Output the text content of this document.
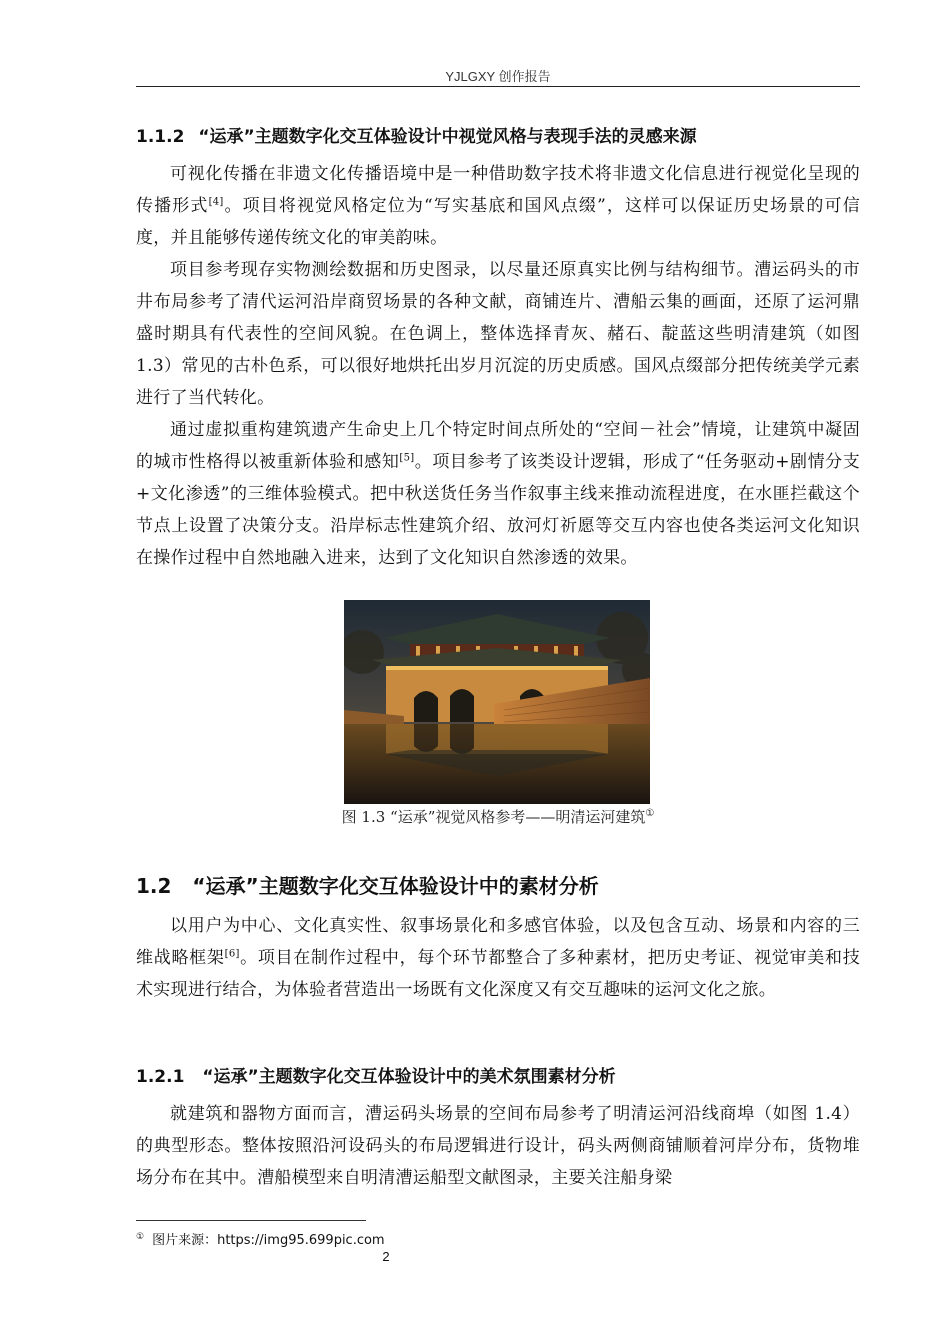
YJLGXY 创作报告
1.1.2 “运承”主题数字化交互体验设计中视觉风格与表现手法的灵感来源
可视化传播在非遗文化传播语境中是一种借助数字技术将非遗文化信息进行视觉化呈现的传播形式[4]。项目将视觉风格定位为“写实基底和国风点缀”，这样可以保证历史场景的可信度，并且能够传递传统文化的审美韵味。
项目参考现存实物测绘数据和历史图录，以尽量还原真实比例与结构细节。漕运码头的市井布局参考了清代运河沿岸商贸场景的各种文献，商铺连片、漕船云集的画面，还原了运河鼎盛时期具有代表性的空间风貌。在色调上，整体选择青灰、赭石、靛蓝这些明清建筑（如图 1.3）常见的古朴色系，可以很好地烘托出岁月沉淀的历史质感。国风点缀部分把传统美学元素进行了当代转化。
通过虚拟重构建筑遗产生命史上几个特定时间点所处的“空间－社会”情境，让建筑中凝固的城市性格得以被重新体验和感知[5]。项目参考了该类设计逻辑，形成了“任务驱动+剧情分支+文化渗透”的三维体验模式。把中秋送货任务当作叙事主线来推动流程进度，在水匪拦截这个节点上设置了决策分支。沿岸标志性建筑介绍、放河灯祈愿等交互内容也使各类运河文化知识在操作过程中自然地融入进来，达到了文化知识自然渗透的效果。
图 1.3 “运承”视觉风格参考——明清运河建筑①
1.2 “运承”主题数字化交互体验设计中的素材分析
以用户为中心、文化真实性、叙事场景化和多感官体验，以及包含互动、场景和内容的三维战略框架[6]。项目在制作过程中，每个环节都整合了多种素材，把历史考证、视觉审美和技术实现进行结合，为体验者营造出一场既有文化深度又有交互趣味的运河文化之旅。
1.2.1 “运承”主题数字化交互体验设计中的美术氛围素材分析
就建筑和器物方面而言，漕运码头场景的空间布局参考了明清运河沿线商埠（如图 1.4）的典型形态。整体按照沿河设码头的布局逻辑进行设计，码头两侧商铺顺着河岸分布，货物堆场分布在其中。漕船模型来自明清漕运船型文献图录，主要关注船身梁
① 图片来源：https://img95.699pic.com
2
